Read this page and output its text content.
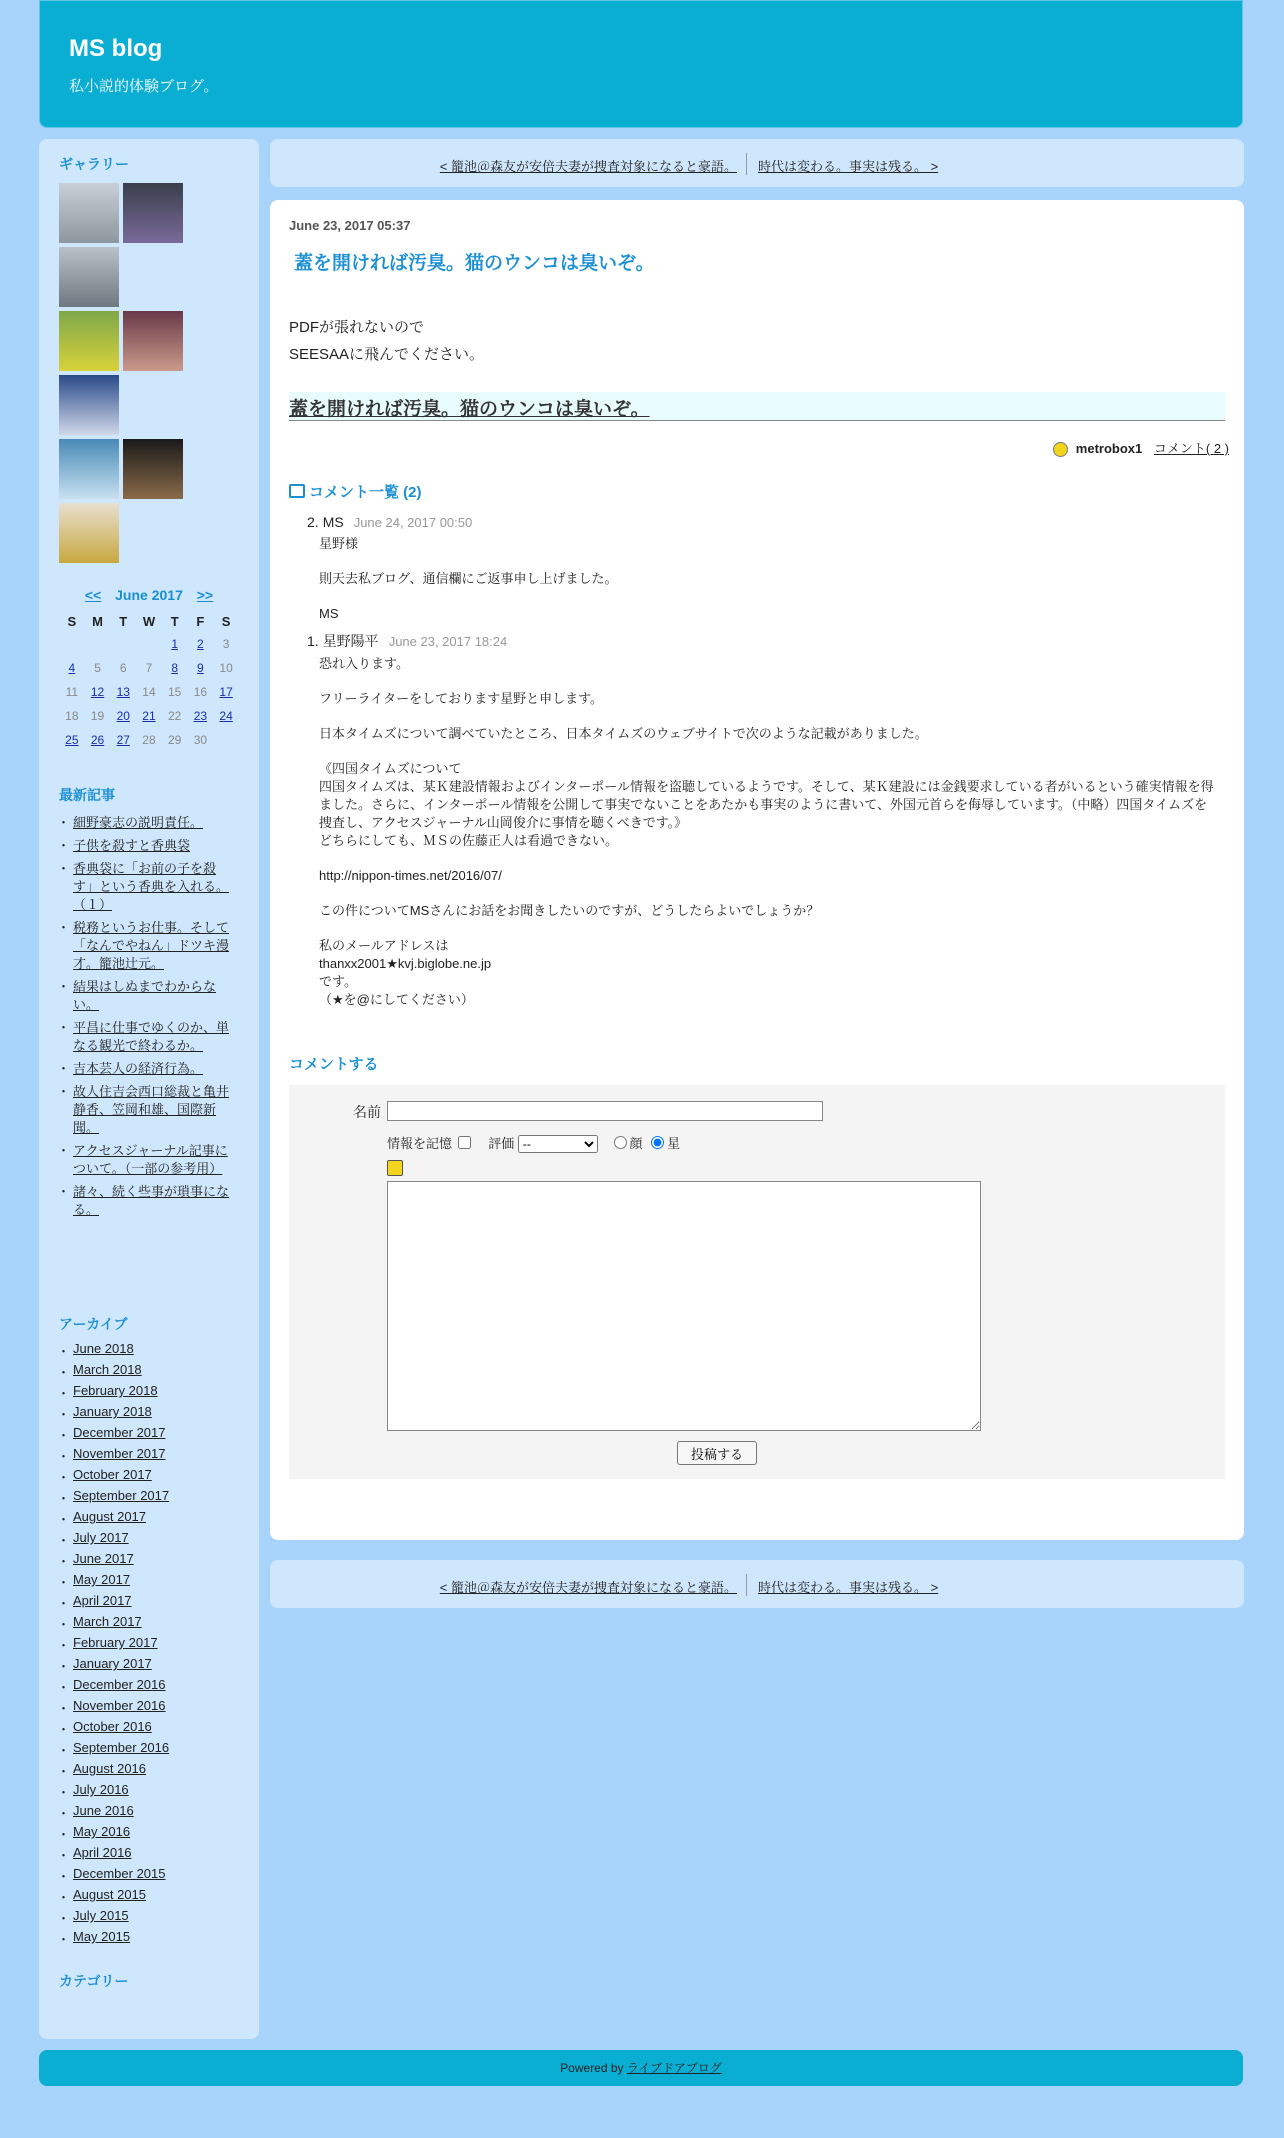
MS blog
私小説的体験ブログ。
ギャラリー
<< June 2017 >>
S	M	T	W	T	F	S
				1	2	3
4	5	6	7	8	9	10
11	12	13	14	15	16	17
18	19	20	21	22	23	24
25	26	27	28	29	30	
最新記事
・ 細野豪志の説明責任。
・ 子供を殺すと香典袋
・ 香典袋に「お前の子を殺す」という香典を入れる。（１）
・ 税務というお仕事。そして「なんでやねん」ドツキ漫才。籠池辻元。
・ 結果はしぬまでわからない。
・ 平昌に仕事でゆくのか、単なる観光で終わるか。
・ 吉本芸人の経済行為。
・ 故人住吉会西口総裁と亀井静香、笠岡和雄、国際新聞。
・ アクセスジャーナル記事について。（一部の参考用）
・ 諸々、続く些事が瑣事になる。
アーカイブ
・ June 2018
・ March 2018
・ February 2018
・ January 2018
・ December 2017
・ November 2017
・ October 2017
・ September 2017
・ August 2017
・ July 2017
・ June 2017
・ May 2017
・ April 2017
・ March 2017
・ February 2017
・ January 2017
・ December 2016
・ November 2016
・ October 2016
・ September 2016
・ August 2016
・ July 2016
・ June 2016
・ May 2016
・ April 2016
・ December 2015
・ August 2015
・ July 2015
・ May 2015
カテゴリー
< 籠池＠森友が安倍夫妻が捜査対象になると豪語。 時代は変わる。事実は残る。 >
June 23, 2017 05:37
蓋を開ければ汚臭。猫のウンコは臭いぞ。
PDFが張れないので
SEESAAに飛んでください。
蓋を開ければ汚臭。猫のウンコは臭いぞ。
metrobox1 コメント( 2 )
コメント一覧 (2)
2. MS June 24, 2017 00:50

星野様

則天去私ブログ、通信欄にご返事申し上げました。

MS

1. 星野陽平 June 23, 2017 18:24

恐れ入ります。

フリーライターをしております星野と申します。

日本タイムズについて調べていたところ、日本タイムズのウェブサイトで次のような記載がありました。

《四国タイムズについて
四国タイムズは、某Ｋ建設情報およびインターポール情報を盗聴しているようです。そして、某Ｋ建設には金銭要求している者がいるという確実情報を得ました。さらに、インターポール情報を公開して事実でないことをあたかも事実のように書いて、外国元首らを侮辱しています。（中略）四国タイムズを捜査し、アクセスジャーナル山岡俊介に事情を聴くべきです。》
どちらにしても、ＭＳの佐藤正人は看過できない。

http://nippon-times.net/2016/07/

この件についてMSさんにお話をお聞きしたいのですが、どうしたらよいでしょうか？

私のメールアドレスは
thanxx2001★kvj.biglobe.ne.jp
です。
（★を@にしてください）

コメントする
名前
情報を記憶	評価
--	顔 星
投稿する
< 籠池＠森友が安倍夫妻が捜査対象になると豪語。 時代は変わる。事実は残る。 >
Powered by ライブドアブログ
